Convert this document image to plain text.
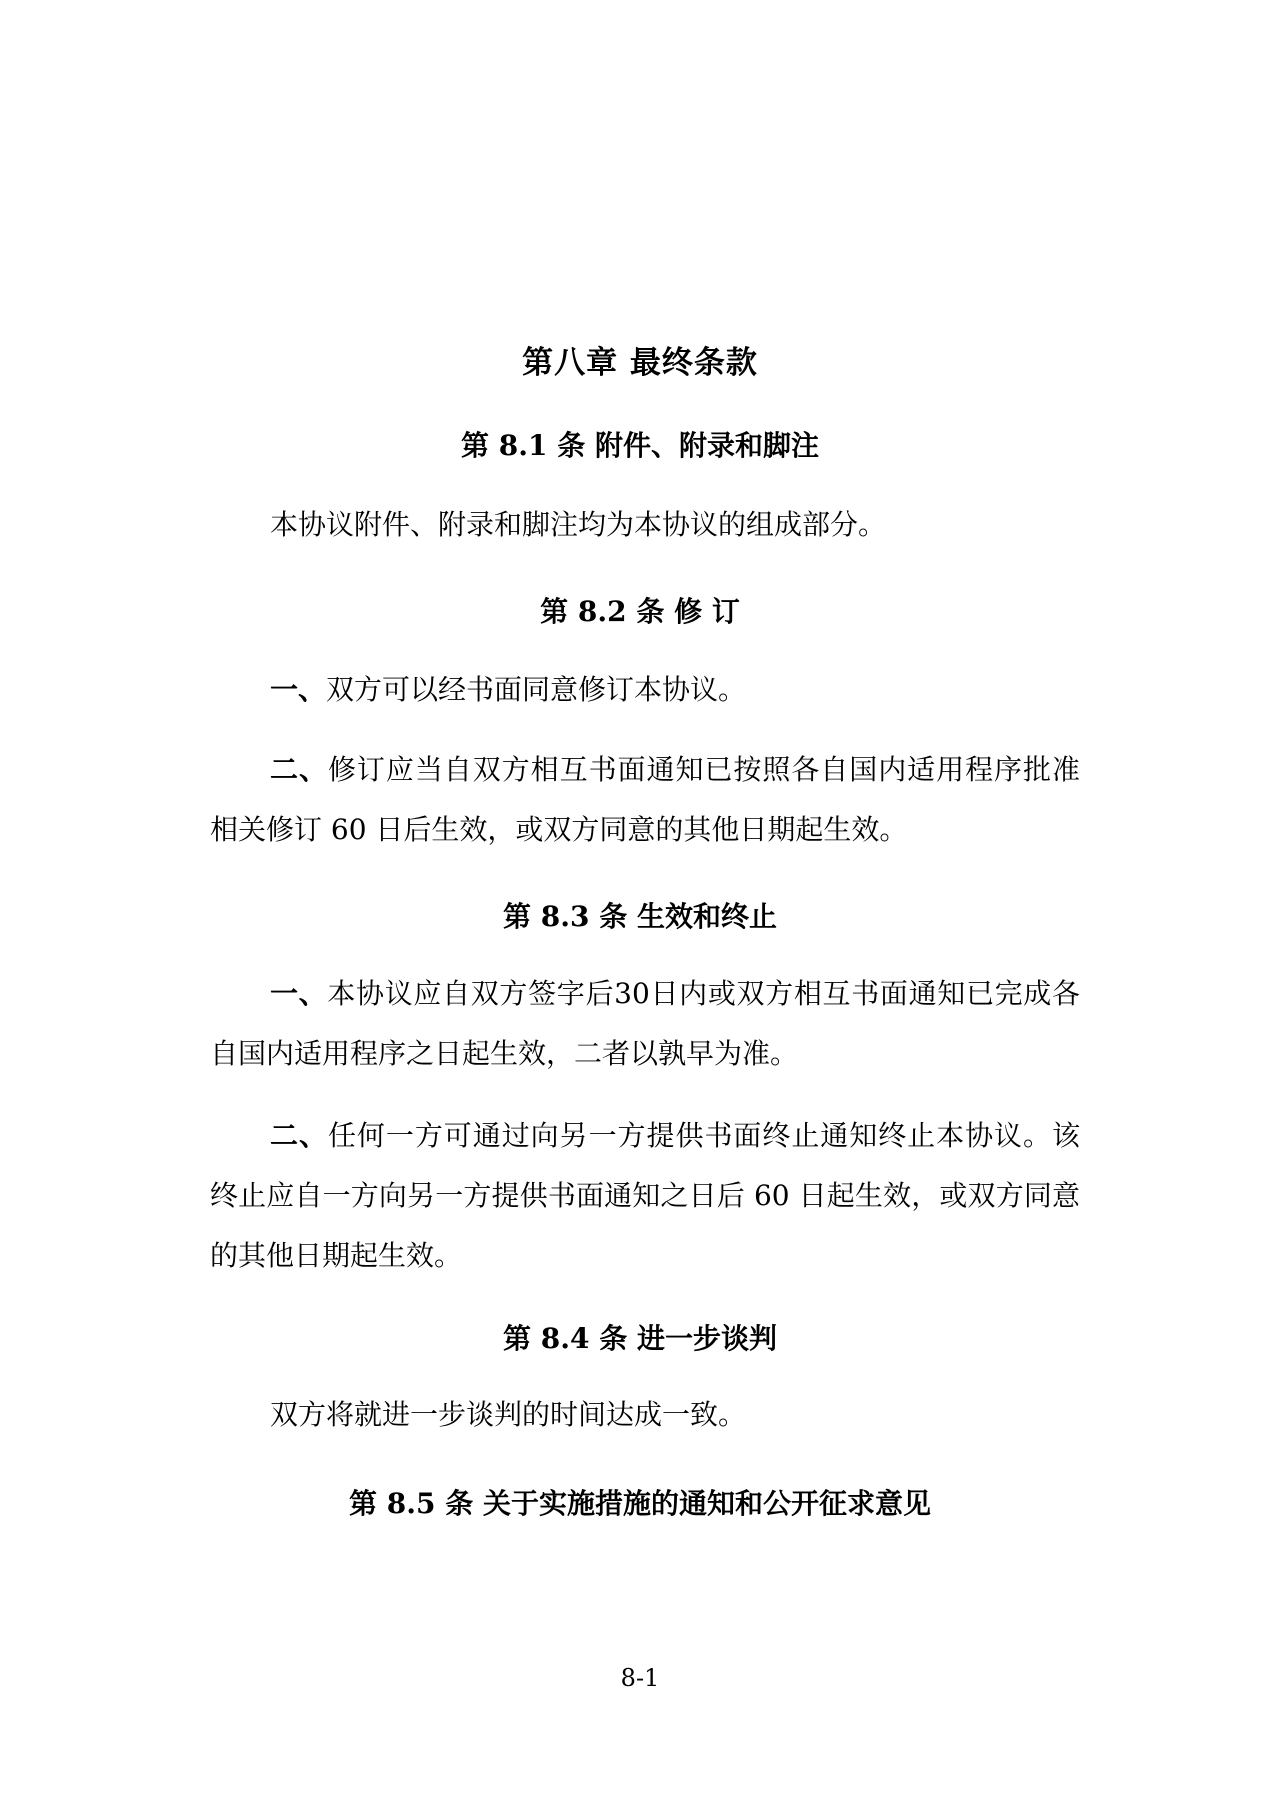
第八章 最终条款
第 8.1 条 附件、附录和脚注
本协议附件、附录和脚注均为本协议的组成部分。
第 8.2 条 修 订
一、双方可以经书面同意修订本协议。
二、修订应当自双方相互书面通知已按照各自国内适用程序批准相关修订 60 日后生效，或双方同意的其他日期起生效。
第 8.3 条 生效和终止
一、本协议应自双方签字后30日内或双方相互书面通知已完成各自国内适用程序之日起生效，二者以孰早为准。
二、任何一方可通过向另一方提供书面终止通知终止本协议。该终止应自一方向另一方提供书面通知之日后 60 日起生效，或双方同意的其他日期起生效。
第 8.4 条 进一步谈判
双方将就进一步谈判的时间达成一致。
第 8.5 条 关于实施措施的通知和公开征求意见
8-1
